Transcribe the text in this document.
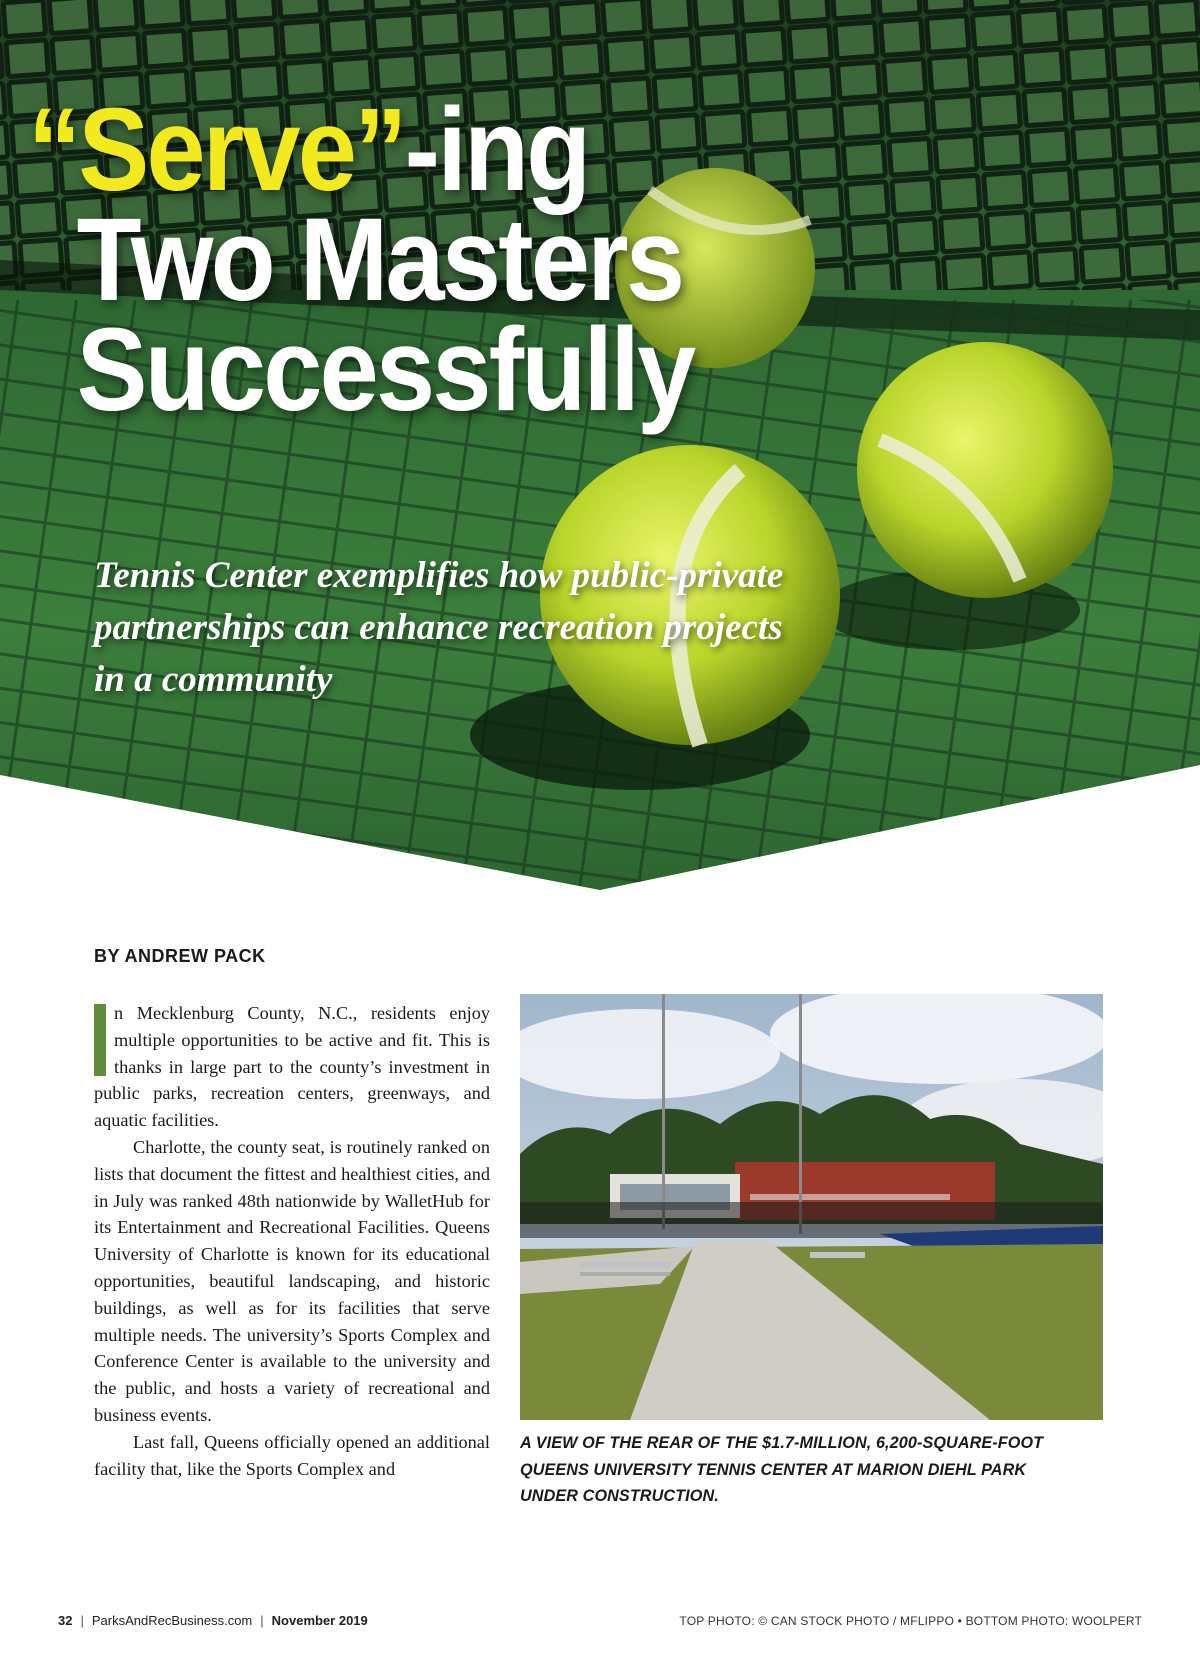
“Serve”-ing
Two Masters
Successfully

Tennis Center exemplifies how public-private partnerships can enhance recreation projects in a community

BY ANDREW PACK

n Mecklenburg County, N.C., residents enjoy multiple opportunities to be active and fit. This is thanks in large part to the county’s investment in public parks, recreation centers, greenways, and aquatic facilities.

Charlotte, the county seat, is routinely ranked on lists that document the fittest and healthiest cities, and in July was ranked 48th nationwide by WalletHub for its Entertainment and Recreational Facilities. Queens University of Charlotte is known for its educational opportunities, beautiful landscaping, and historic buildings, as well as for its facilities that serve multiple needs. The university’s Sports Complex and Conference Center is available to the university and the public, and hosts a variety of recreational and business events.

Last fall, Queens officially opened an additional facility that, like the Sports Complex and

A VIEW OF THE REAR OF THE $1.7-MILLION, 6,200-SQUARE-FOOT QUEENS UNIVERSITY TENNIS CENTER AT MARION DIEHL PARK UNDER CONSTRUCTION.

32 | ParksAndRecBusiness.com | November 2019	TOP PHOTO: © CAN STOCK PHOTO / MFLIPPO • BOTTOM PHOTO: WOOLPERT
